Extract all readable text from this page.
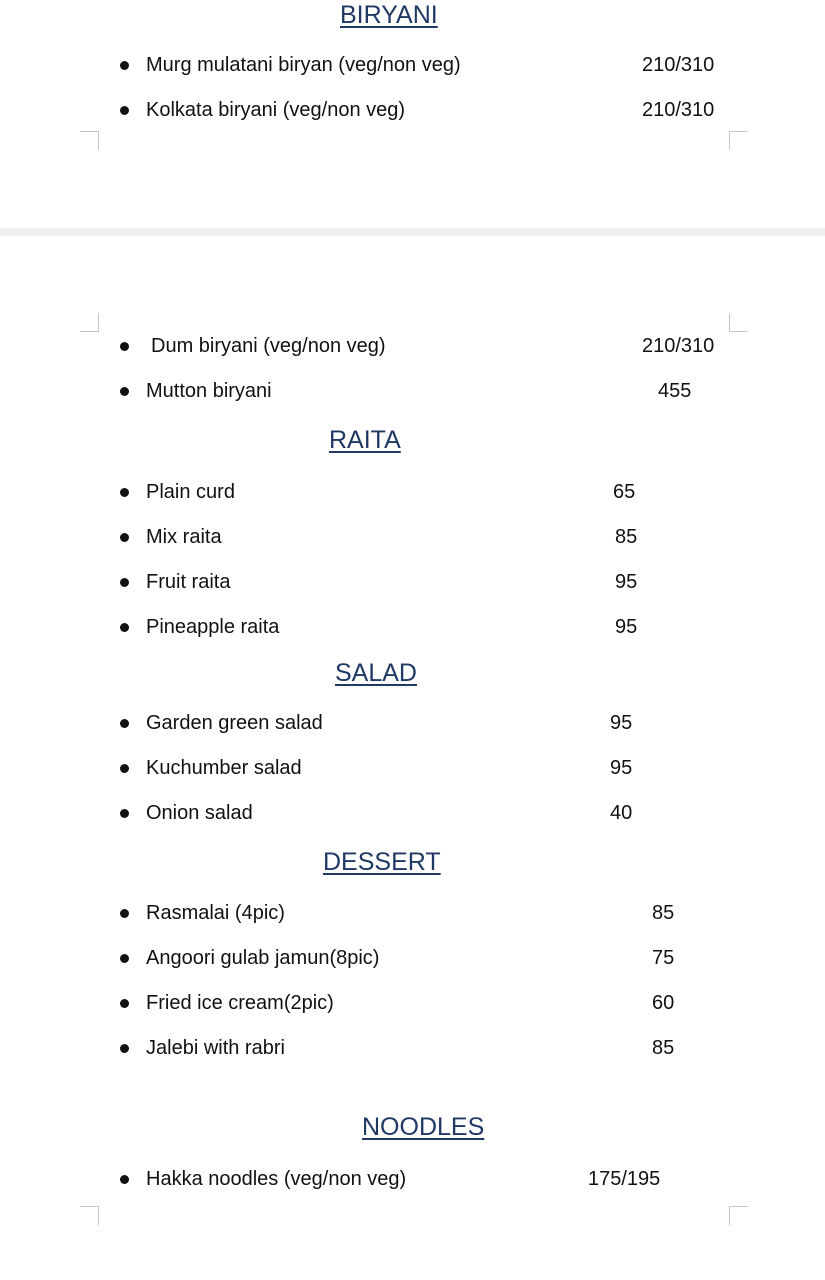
BIRYANI
Murg mulatani biryan (veg/non veg)	210/310
Kolkata biryani (veg/non veg)	210/310
Dum biryani (veg/non veg)	210/310
Mutton biryani	455
RAITA
Plain curd	65
Mix raita	85
Fruit raita	95
Pineapple raita	95
SALAD
Garden green salad	95
Kuchumber salad	95
Onion salad	40
DESSERT
Rasmalai (4pic)	85
Angoori gulab jamun(8pic)	75
Fried ice cream(2pic)	60
Jalebi with rabri	85
NOODLES
Hakka noodles (veg/non veg)	175/195
